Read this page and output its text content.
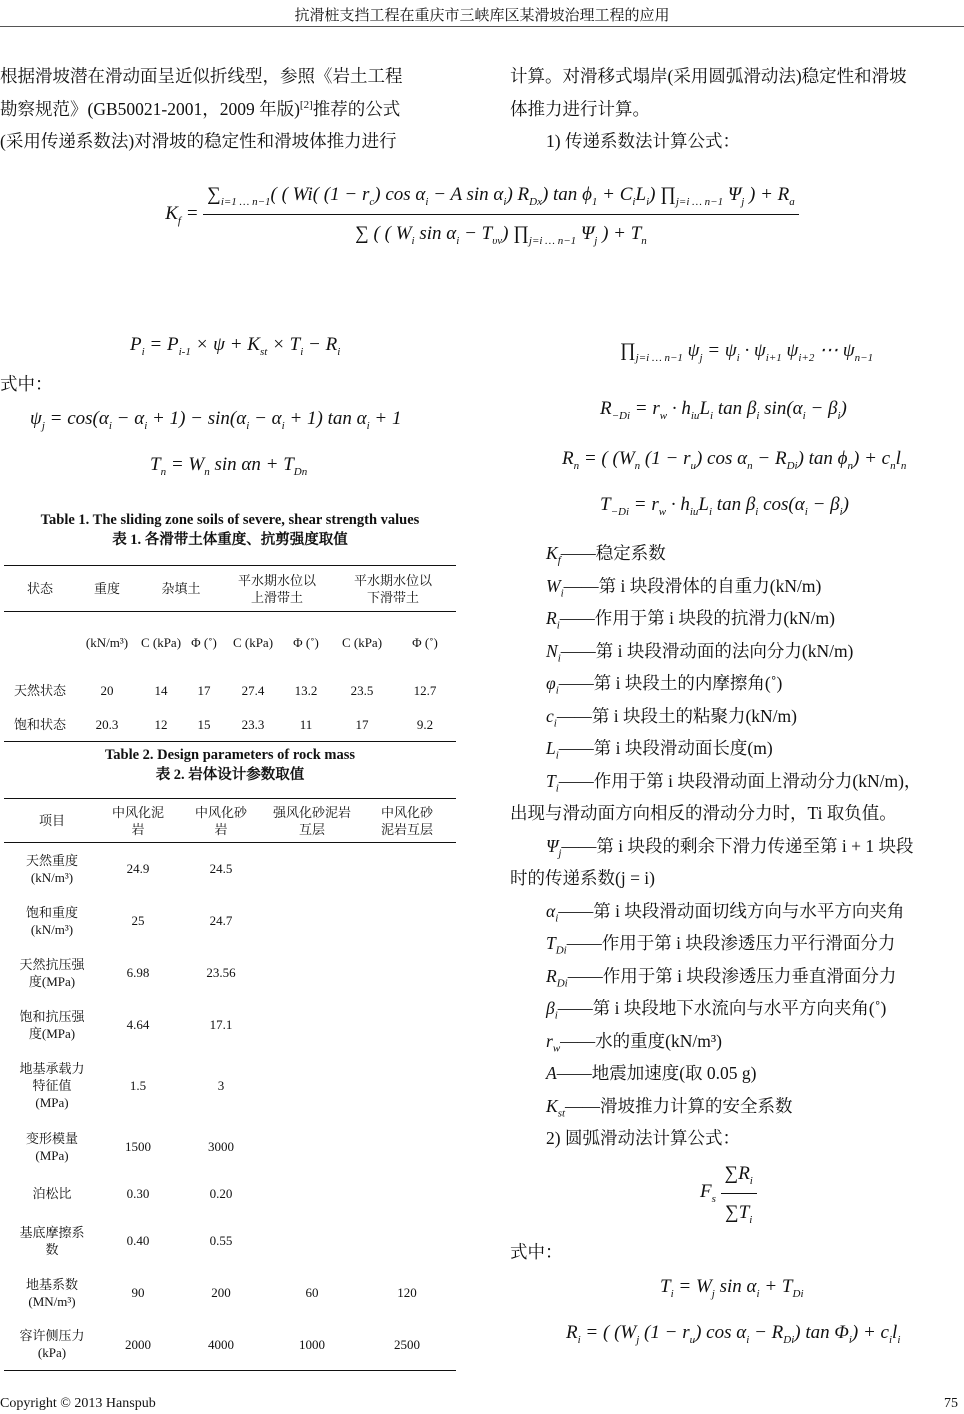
抗滑桩支挡工程在重庆市三峡库区某滑坡治理工程的应用
根据滑坡潜在滑动面呈近似折线型，参照《岩土工程
勘察规范》(GB50021-2001，2009 年版)[2]推荐的公式
(采用传递系数法)对滑坡的稳定性和滑坡体推力进行
计算。对滑移式塌岸(采用圆弧滑动法)稳定性和滑坡
体推力进行计算。
1) 传递系数法计算公式：
$K_f$ =
$\sum_{i=1 \dots n-1}$( ( Wi( $(1 - r_c)$ $\cos \alpha_i - A$ $\sin \alpha_i$) $R_{Dx}$) $\tan \phi_1 + C_iL_i$) $\prod_{j=i \dots n-1}$ $\Psi_j$ ) + $R_a$
∑ ( ( $W_i$ $\sin \alpha_i - T_{\upsilon v}$) $\prod_{j=i \dots n-1}$ $\Psi_j$ ) + $T_n$
$P_i = P_{i-1} \times \psi + K_{st} \times T_i - R_i$
式中：
$\psi_j = \cos(\alpha_i - \alpha_i + 1) - \sin(\alpha_i - \alpha_i + 1)$ $\tan \alpha_i + 1$
$T_n = W_n$ $\sin \alpha n + T_{Dn}$
$\prod_{j=i \dots n-1}$ $\psi_j = \psi_i \cdot \psi_{i+1}$ $\psi_{i+2}$ ⋯ $\psi_{n-1}$
$R_{-Di} = r_w \cdot h_{iu}L_i$ $\tan \beta_i$ $\sin(\alpha_i - \beta_i)$
$R_n$ = ( ($W_n$ $(1 - r_u)$ $\cos \alpha_n - R_{Di}$) $\tan \phi_n) + c_nl_n$
$T_{-Di} = r_w \cdot h_{iu}L_i$ $\tan \beta_i$ $\cos(\alpha_i - \beta_i)$
Table 1. The sliding zone soils of severe, shear strength values
表 1. 各滑带土体重度、抗剪强度取值
状态	重度	杂填土		平水期水位以上滑带土		平水期水位以下滑带土	
	(kN/m³)	C (kPa)	Φ (˚)	C (kPa)	Φ (˚)	C (kPa)	Φ (˚)
天然状态	20	14	17	27.4	13.2	23.5	12.7
饱和状态	20.3	12	15	23.3	11	17	9.2
Table 2. Design parameters of rock mass
表 2. 岩体设计参数取值
项目	中风化泥岩	中风化砂岩	强风化砂泥岩互层	中风化砂泥岩互层
天然重度 (kN/m³)	24.9	24.5		
饱和重度 (kN/m³)	25	24.7		
天然抗压强度(MPa)	6.98	23.56		
饱和抗压强度(MPa)	4.64	17.1		
地基承载力特征值 (MPa)	1.5	3		
变形模量 (MPa)	1500	3000		
泊松比	0.30	0.20		
基底摩擦系数	0.40	0.55		
地基系数 (MN/m³)	90	200	60	120
容许侧压力 (kPa)	2000	4000	1000	2500
$K_f——$稳定系数
$W_i——$第 i 块段滑体的自重力(kN/m)
$R_i——$作用于第 i 块段的抗滑力(kN/m)
$N_i——$第 i 块段滑动面的法向分力(kN/m)
$\varphi_i——$第 i 块段土的内摩擦角(˚)
$c_i——$第 i 块段土的粘聚力(kN/m)
$L_i——$第 i 块段滑动面长度(m)
$T_i——$作用于第 i 块段滑动面上滑动分力(kN/m)，
出现与滑动面方向相反的滑动分力时，Ti 取负值。
$\Psi_j——$第 i 块段的剩余下滑力传递至第 i + 1 块段
时的传递系数(j = i)
$\alpha_i——$第 i 块段滑动面切线方向与水平方向夹角
$T_{Di}——$作用于第 i 块段渗透压力平行滑面分力
$R_{Di}——$作用于第 i 块段渗透压力垂直滑面分力
$\beta_i——$第 i 块段地下水流向与水平方向夹角(˚)
$r_w——$水的重度(kN/m³)
A——地震加速度(取 0.05 g)
$K_{st}——$滑坡推力计算的安全系数
2) 圆弧滑动法计算公式：
$F_s \frac{\sum R_i}{\sum T_i}$
式中：
$T_i = W_j$ $\sin \alpha_i + T_{Di}$
$R_i$ = ( ($W_j$ $(1 - r_u)$ $\cos \alpha_i - R_{Di}$) $\tan \Phi_i) + c_il_i$
Copyright © 2013 Hanspub	75
